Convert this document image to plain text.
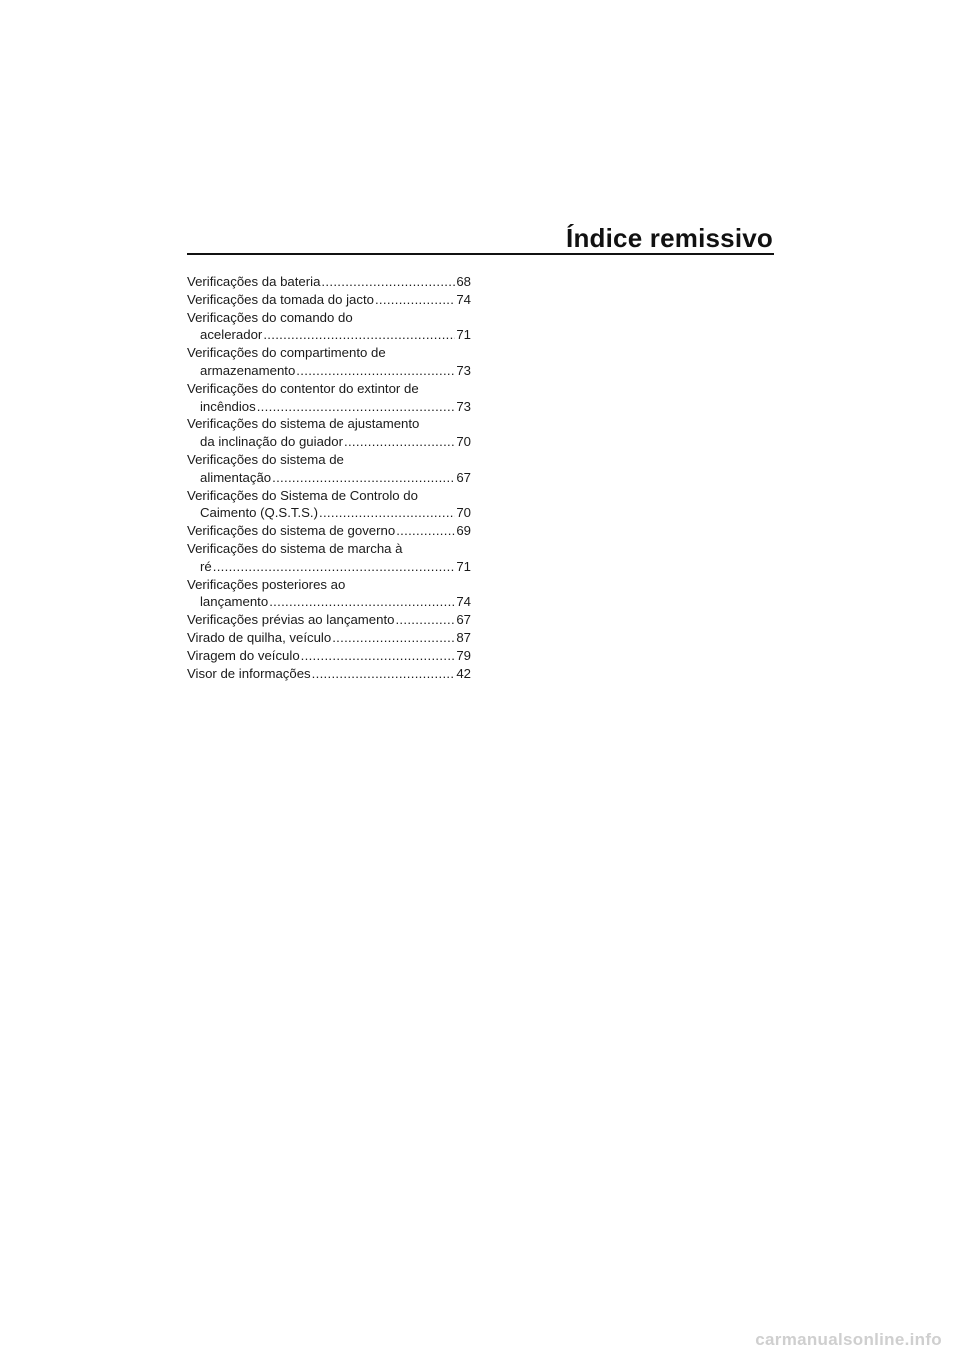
Índice remissivo
Verificações da bateria .....	68
Verificações da tomada do jacto .....	74
Verificações do comando do
acelerador .....	71
Verificações do compartimento de
armazenamento .....	73
Verificações do contentor do extintor de
incêndios .....	73
Verificações do sistema de ajustamento
da inclinação do guiador .....	70
Verificações do sistema de
alimentação .....	67
Verificações do Sistema de Controlo do
Caimento (Q.S.T.S.) .....	70
Verificações do sistema de governo .....	69
Verificações do sistema de marcha à
ré .....	71
Verificações posteriores ao
lançamento .....	74
Verificações prévias ao lançamento .....	67
Virado de quilha, veículo .....	87
Viragem do veículo .....	79
Visor de informações .....	42
carmanualsonline.info
